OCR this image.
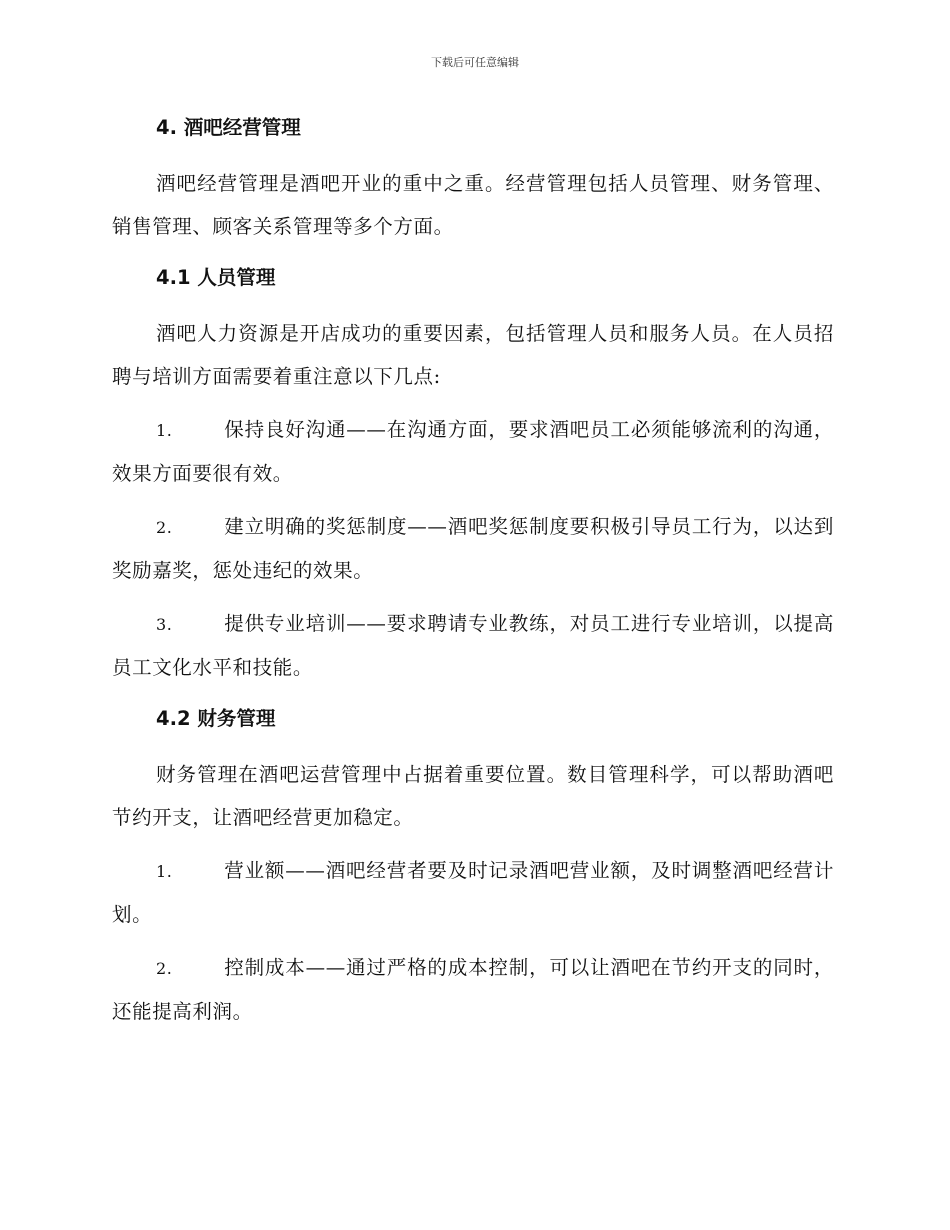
下载后可任意编辑
4. 酒吧经营管理

酒吧经营管理是酒吧开业的重中之重。经营管理包括人员管理、财务管理、销售管理、顾客关系管理等多个方面。

4.1 人员管理

酒吧人力资源是开店成功的重要因素，包括管理人员和服务人员。在人员招聘与培训方面需要着重注意以下几点:

1.	保持良好沟通——在沟通方面，要求酒吧员工必须能够流利的沟通，效果方面要很有效。

2.	建立明确的奖惩制度——酒吧奖惩制度要积极引导员工行为，以达到奖励嘉奖，惩处违纪的效果。

3.	提供专业培训——要求聘请专业教练，对员工进行专业培训，以提高员工文化水平和技能。

4.2 财务管理

财务管理在酒吧运营管理中占据着重要位置。数目管理科学，可以帮助酒吧节约开支，让酒吧经营更加稳定。

1.	营业额——酒吧经营者要及时记录酒吧营业额，及时调整酒吧经营计划。

2.	控制成本——通过严格的成本控制，可以让酒吧在节约开支的同时，还能提高利润。
